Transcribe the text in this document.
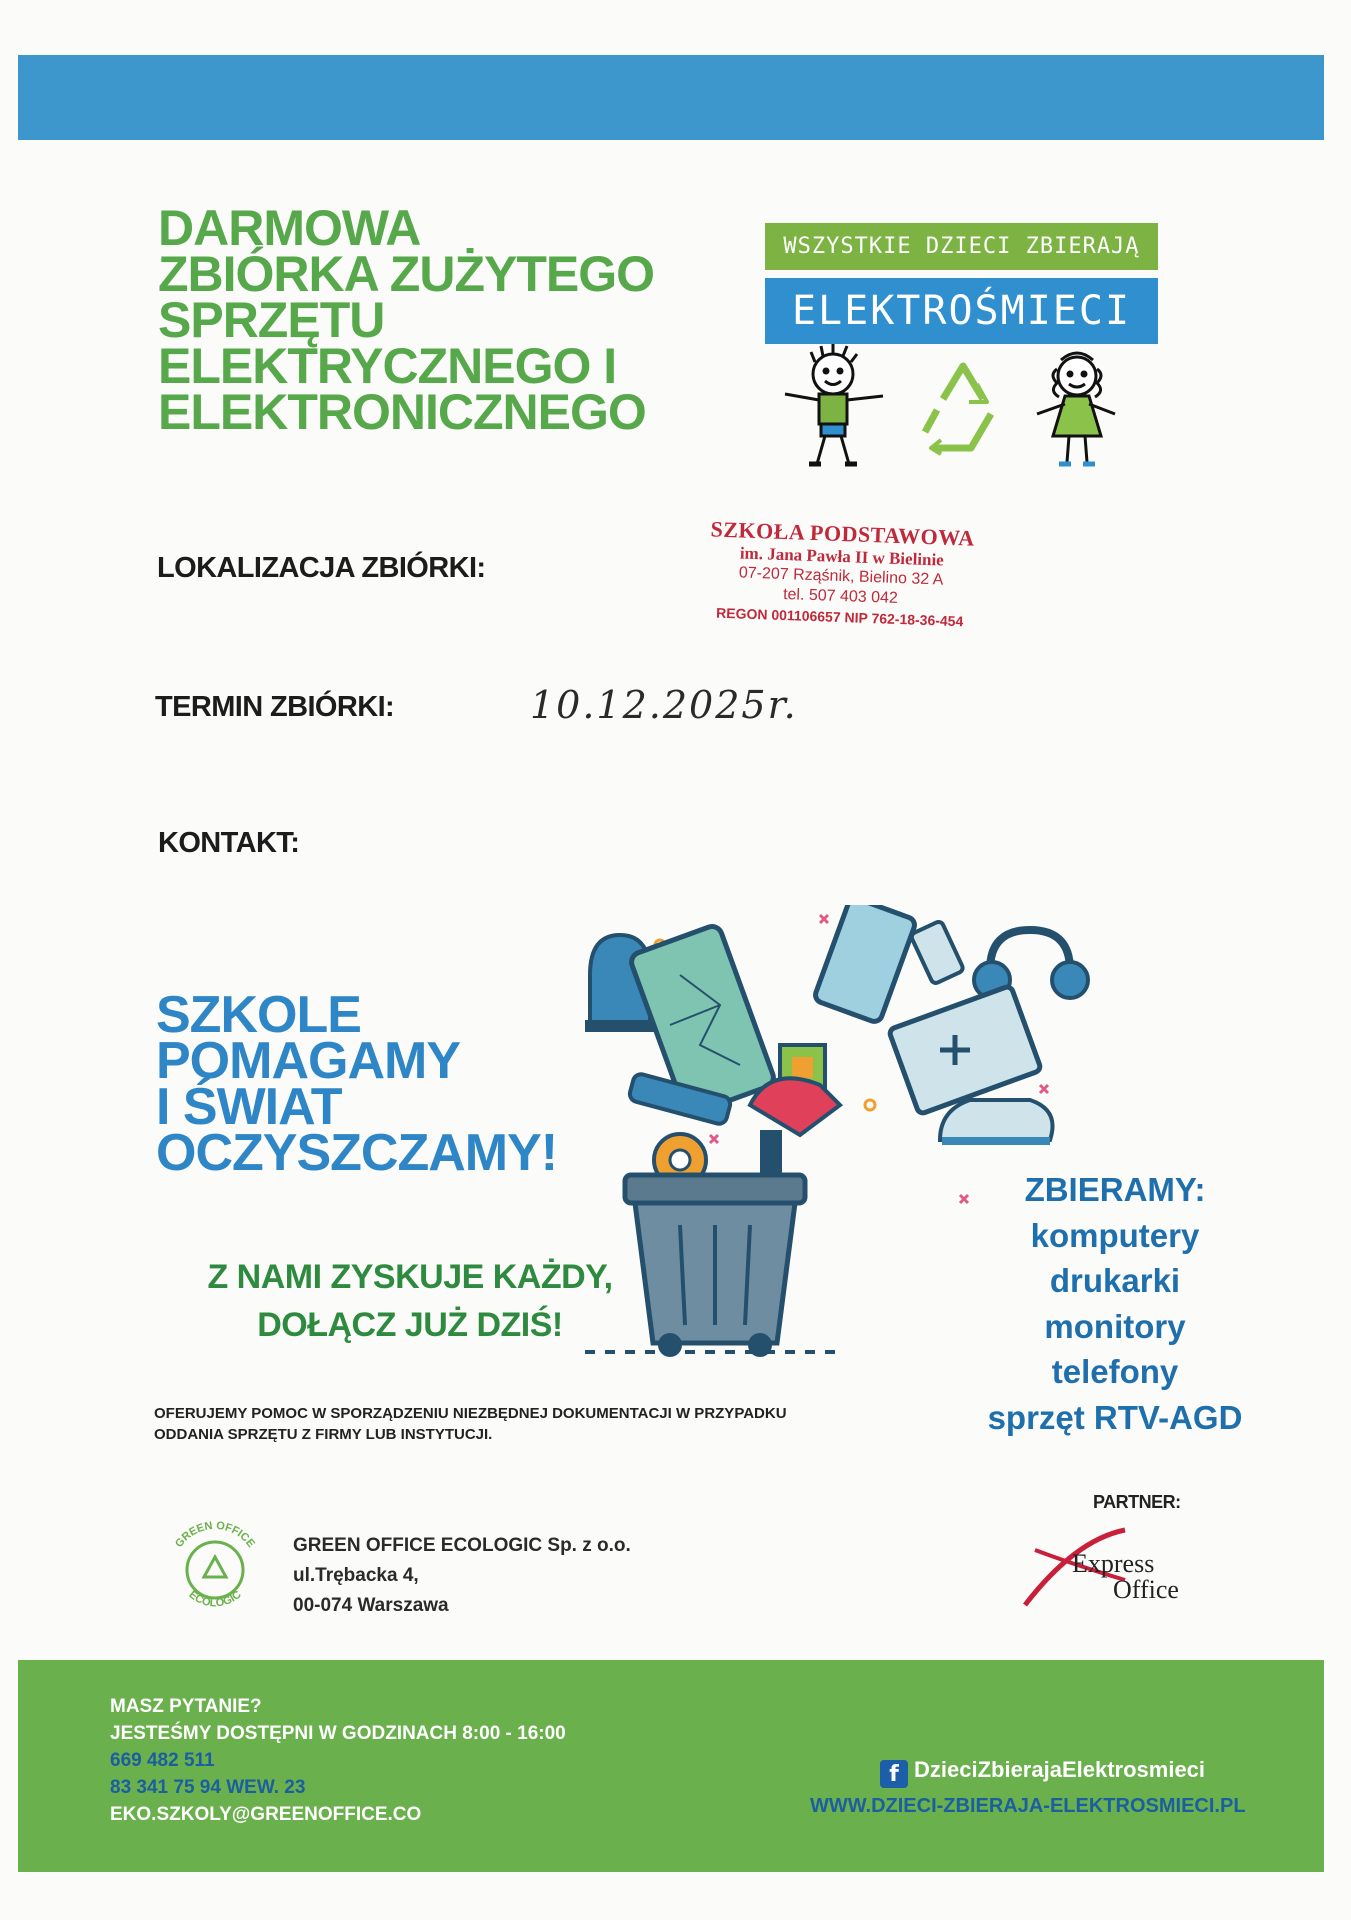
DARMOWA
ZBIÓRKA ZUŻYTEGO
SPRZĘTU
ELEKTRYCZNEGO I
ELEKTRONICZNEGO
WSZYSTKIE DZIECI ZBIERAJĄ
ELEKTROŚMIECI
LOKALIZACJA ZBIÓRKI:
SZKOŁA PODSTAWOWA
im. Jana Pawła II w Bielinie
07-207 Rząśnik, Bielino 32 A
tel. 507 403 042
REGON 001106657 NIP 762-18-36-454
TERMIN ZBIÓRKI:	10.12.2025r.
KONTAKT:
SZKOLE
POMAGAMY
I ŚWIAT
OCZYSZCZAMY!
Z NAMI ZYSKUJE KAŻDY,
DOŁĄCZ JUŻ DZIŚ!
OFERUJEMY POMOC W SPORZĄDZENIU NIEZBĘDNEJ DOKUMENTACJI W PRZYPADKU
ODDANIA SPRZĘTU Z FIRMY LUB INSTYTUCJI.
ZBIERAMY:
komputery
drukarki
monitory
telefony
sprzęt RTV-AGD
GREEN OFFICE
ECOLOGIC
GREEN OFFICE ECOLOGIC Sp. z o.o.
ul.Trębacka 4,
00-074 Warszawa
PARTNER:
Express
Office
MASZ PYTANIE?
JESTEŚMY DOSTĘPNI W GODZINACH 8:00 - 16:00
669 482 511
83 341 75 94 WEW. 23
EKO.SZKOLY@GREENOFFICE.CO
f DzieciZbierajaElektrosmieci
WWW.DZIECI-ZBIERAJA-ELEKTROSMIECI.PL
